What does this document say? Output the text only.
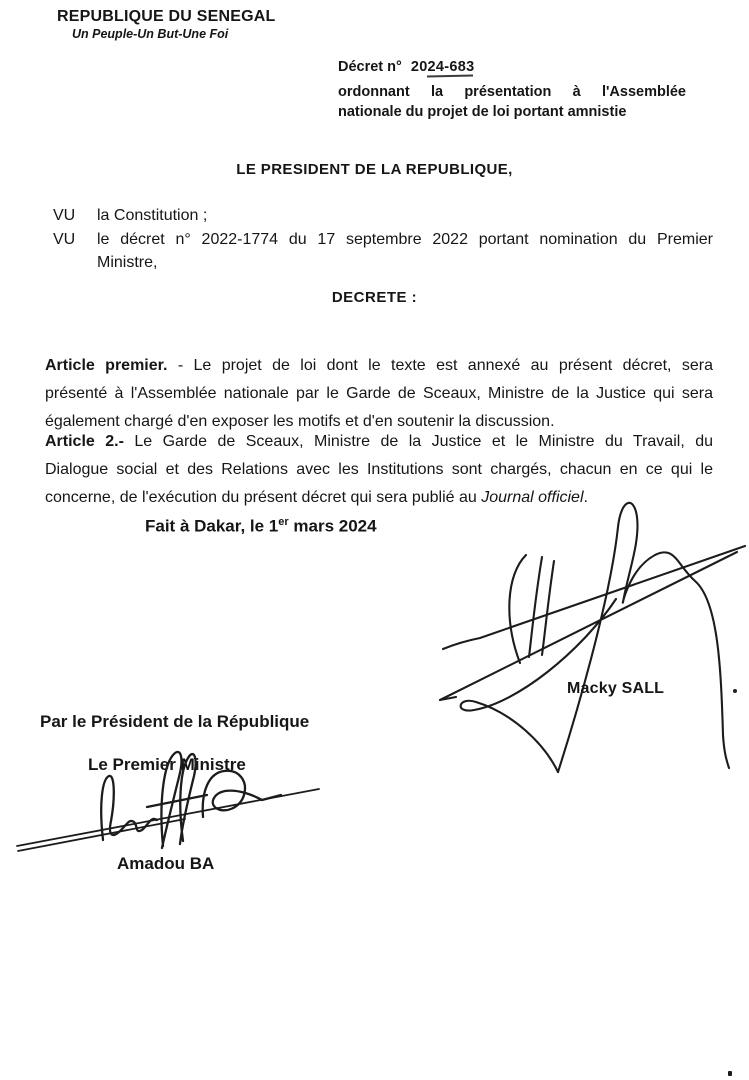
REPUBLIQUE DU SENEGAL
Un Peuple-Un But-Une Foi
Décret n° 2024-683
ordonnant la présentation à l'Assemblée
nationale du projet de loi portant amnistie
LE PRESIDENT DE LA REPUBLIQUE,
DECRETE :
VU	la Constitution ;
VU	le décret n° 2022-1774 du 17 septembre 2022 portant nomination du Premier
Ministre,
Article premier. - Le projet de loi dont le texte est annexé au présent décret, sera
présenté à l'Assemblée nationale par le Garde de Sceaux, Ministre de la Justice qui sera
également chargé d'en exposer les motifs et d'en soutenir la discussion.
Article 2.- Le Garde de Sceaux, Ministre de la Justice et le Ministre du Travail, du
Dialogue social et des Relations avec les Institutions sont chargés, chacun en ce qui le
concerne, de l'exécution du présent décret qui sera publié au Journal officiel.
Fait à Dakar, le 1er mars 2024
Macky SALL
Par le Président de la République
Le Premier Ministre
Amadou BA
